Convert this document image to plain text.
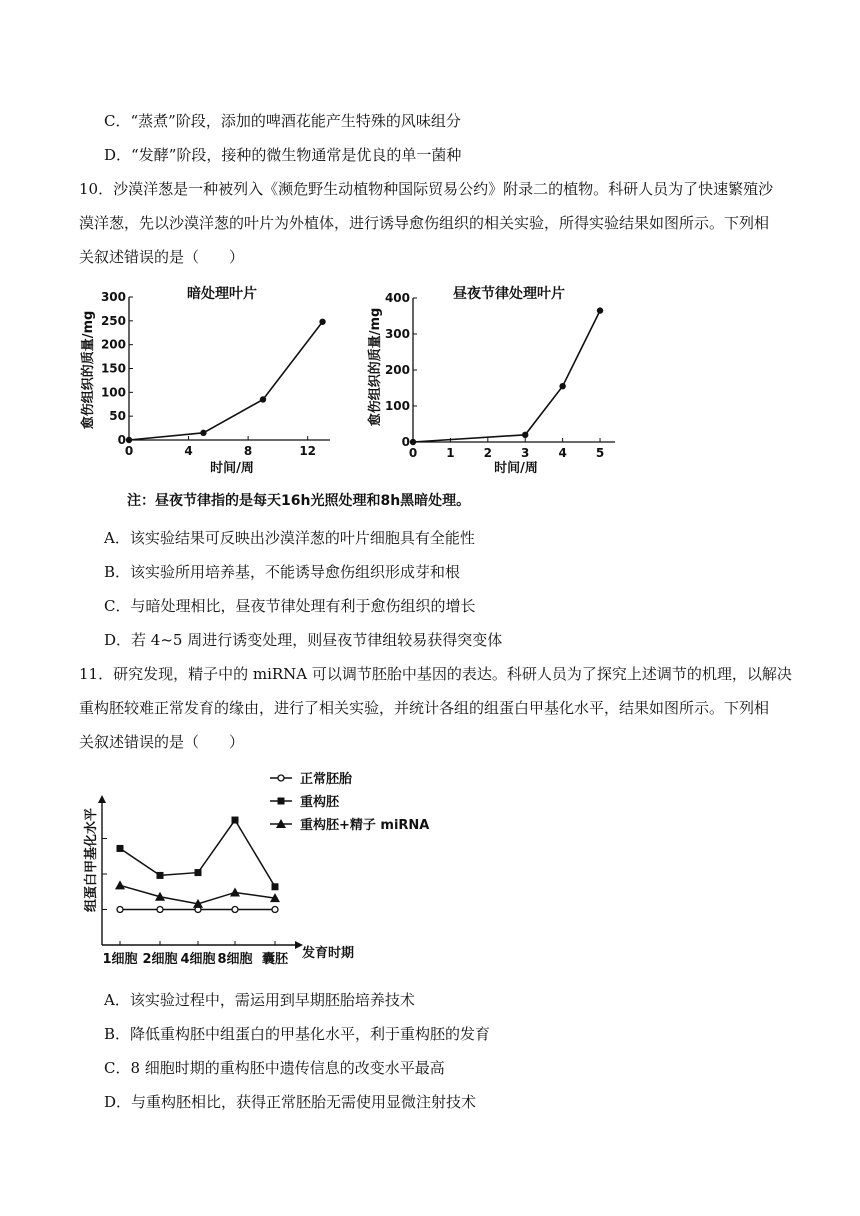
C．“蒸煮”阶段，添加的啤酒花能产生特殊的风味组分
D．“发酵”阶段，接种的微生物通常是优良的单一菌种
10．沙漠洋葱是一种被列入《濒危野生动植物种国际贸易公约》附录二的植物。科研人员为了快速繁殖沙
漠洋葱，先以沙漠洋葱的叶片为外植体，进行诱导愈伤组织的相关实验，所得实验结果如图所示。下列相
关叙述错误的是（　　）
暗处理叶片
愈伤组织的质量/mg
时间/周
0
50
100
150
200
250
300
0	4	8	12
昼夜节律处理叶片
愈伤组织的质量/mg
时间/周
0
100
200
300
400
0 1 2 3 4 5
注：昼夜节律指的是每天16h光照处理和8h黑暗处理。
A．该实验结果可反映出沙漠洋葱的叶片细胞具有全能性
B．该实验所用培养基，不能诱导愈伤组织形成芽和根
C．与暗处理相比，昼夜节律处理有利于愈伤组织的增长
D．若 4~5 周进行诱变处理，则昼夜节律组较易获得突变体
11．研究发现，精子中的 miRNA 可以调节胚胎中基因的表达。科研人员为了探究上述调节的机理，以解决
重构胚较难正常发育的缘由，进行了相关实验，并统计各组的组蛋白甲基化水平，结果如图所示。下列相
关叙述错误的是（　　）
组蛋白甲基化水平
发育时期
1细胞 2细胞 4细胞 8细胞 囊胚
正常胚胎
重构胚
重构胚+精子 miRNA
A．该实验过程中，需运用到早期胚胎培养技术
B．降低重构胚中组蛋白的甲基化水平，利于重构胚的发育
C．8 细胞时期的重构胚中遗传信息的改变水平最高
D．与重构胚相比，获得正常胚胎无需使用显微注射技术
